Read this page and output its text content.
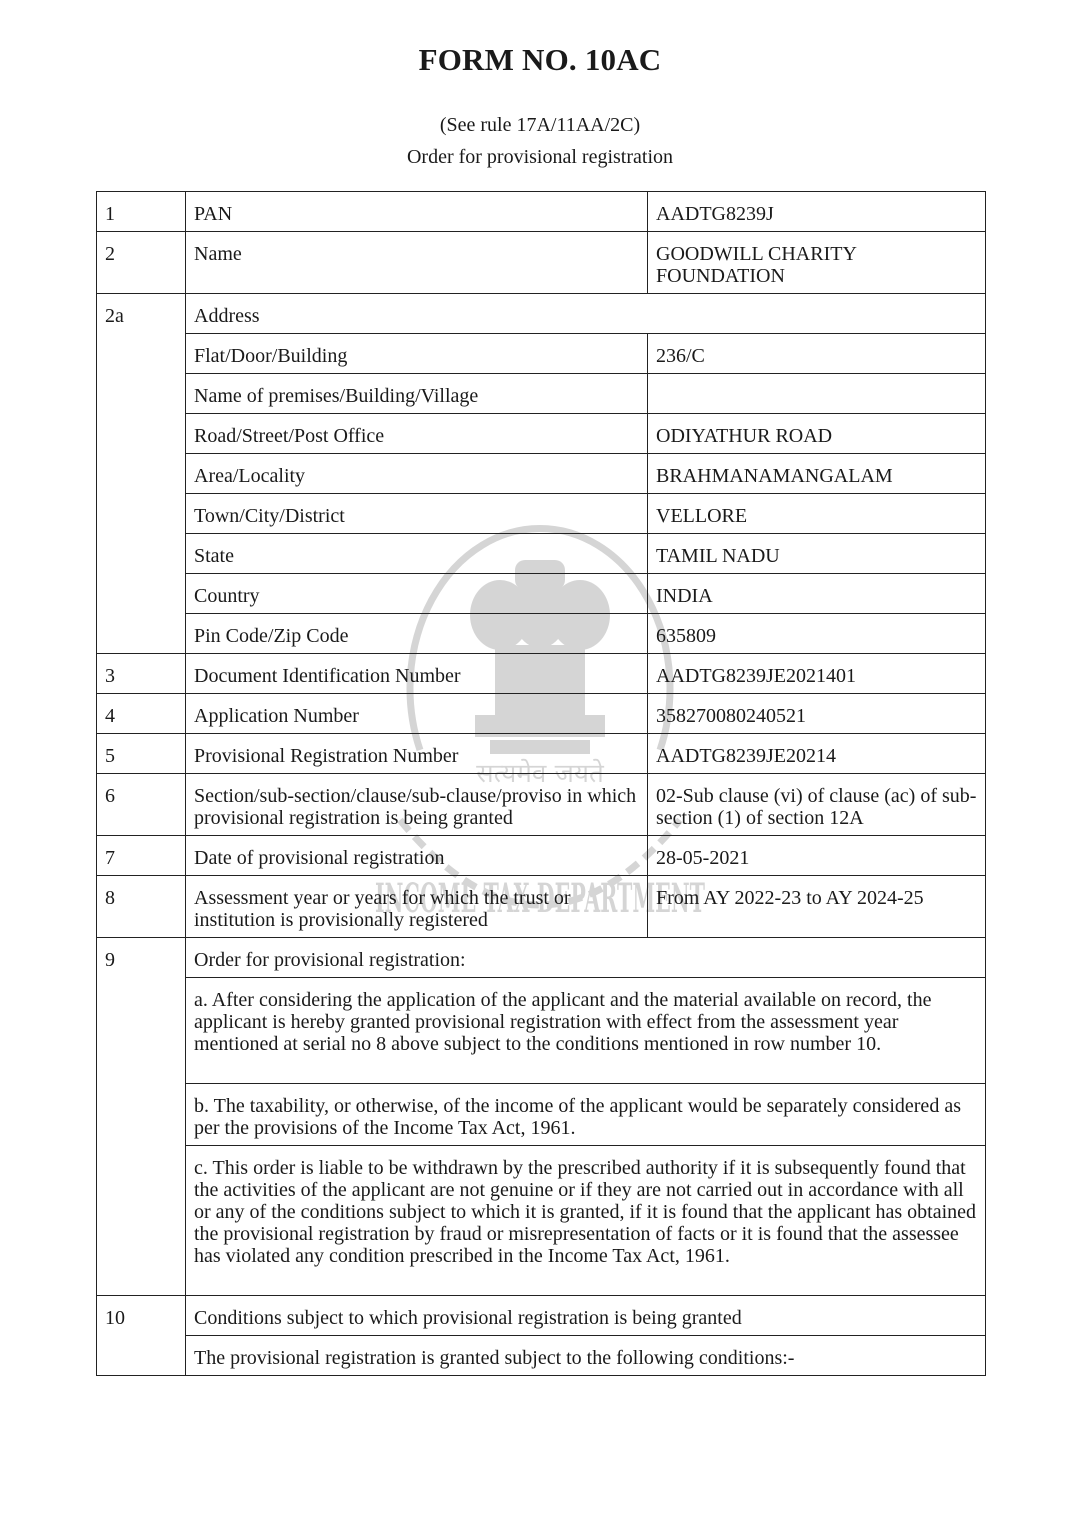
FORM NO. 10AC
(See rule 17A/11AA/2C)
Order for provisional registration
सत्यमेव जयते
INCOME TAX DEPARTMENT
1	PAN	AADTG8239J
2	Name	GOODWILL CHARITY FOUNDATION
2a	Address	
	Flat/Door/Building	236/C
	Name of premises/Building/Village	
	Road/Street/Post Office	ODIYATHUR ROAD
	Area/Locality	BRAHMANAMANGALAM
	Town/City/District	VELLORE
	State	TAMIL NADU
	Country	INDIA
	Pin Code/Zip Code	635809
3	Document Identification Number	AADTG8239JE2021401
4	Application Number	358270080240521
5	Provisional Registration Number	AADTG8239JE20214
6	Section/sub-section/clause/sub-clause/proviso in which provisional registration is being granted	02-Sub clause (vi) of clause (ac) of sub-section (1) of section 12A
7	Date of provisional registration	28-05-2021
8	Assessment year or years for which the trust or institution is provisionally registered	From AY 2022-23 to AY 2024-25
9	Order for provisional registration:	
	a. After considering the application of the applicant and the material available on record, the applicant is hereby granted provisional registration with effect from the assessment year mentioned at serial no 8 above subject to the conditions mentioned in row number 10.	
	b. The taxability, or otherwise, of the income of the applicant would be separately considered as per the provisions of the Income Tax Act, 1961.	
	c. This order is liable to be withdrawn by the prescribed authority if it is subsequently found that the activities of the applicant are not genuine or if they are not carried out in accordance with all or any of the conditions subject to which it is granted, if it is found that the applicant has obtained the provisional registration by fraud or misrepresentation of facts or it is found that the assessee has violated any condition prescribed in the Income Tax Act, 1961.	
10	Conditions subject to which provisional registration is being granted	
	The provisional registration is granted subject to the following conditions:-	
